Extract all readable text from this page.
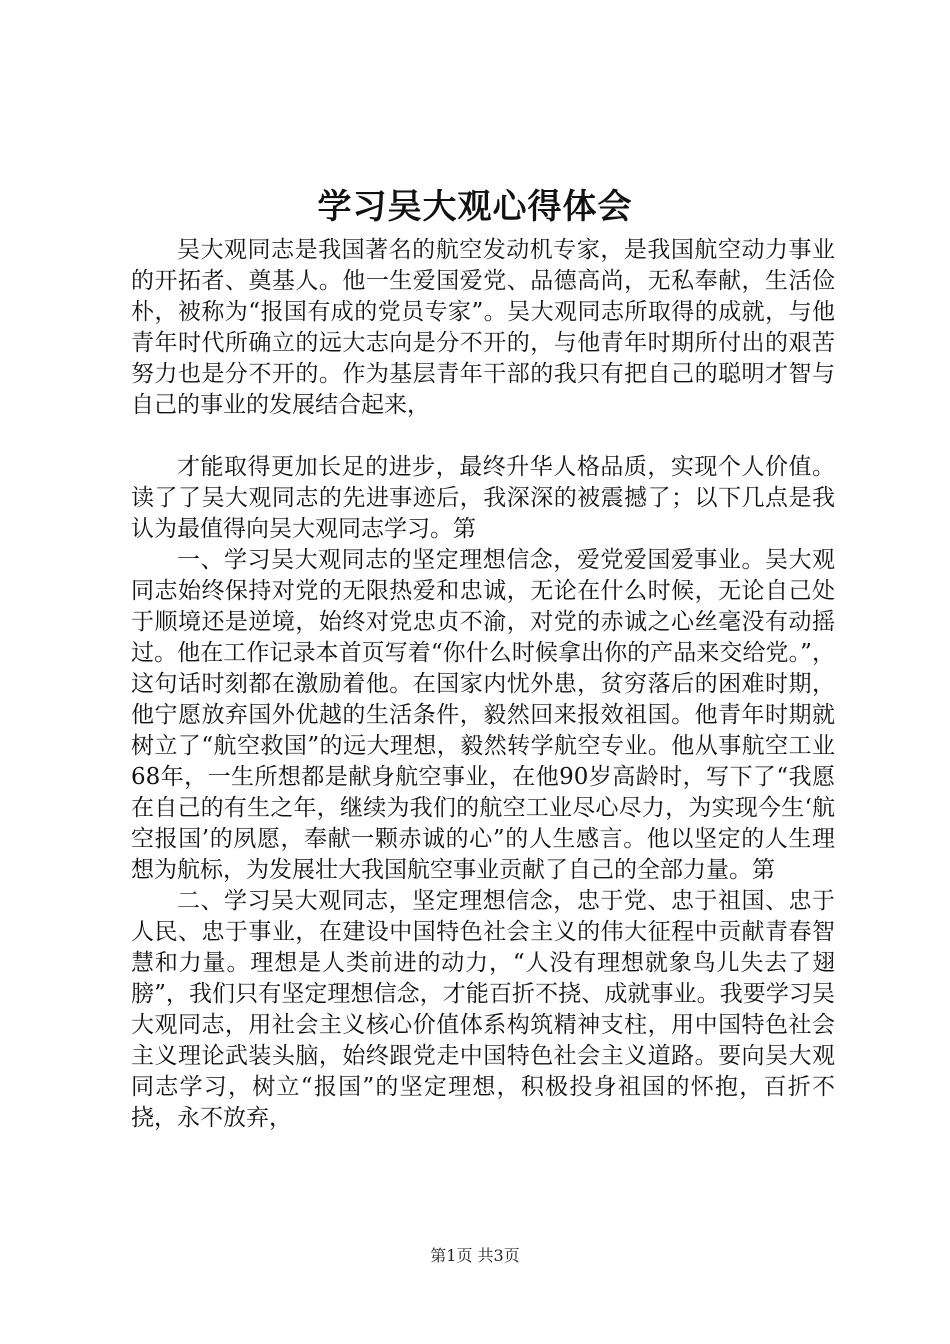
学习吴大观心得体会

吴大观同志是我国著名的航空发动机专家，是我国航空动力事业的开拓者、奠基人。他一生爱国爱党、品德高尚，无私奉献，生活俭朴，被称为“报国有成的党员专家”。吴大观同志所取得的成就，与他青年时代所确立的远大志向是分不开的，与他青年时期所付出的艰苦努力也是分不开的。作为基层青年干部的我只有把自己的聪明才智与自己的事业的发展结合起来，

才能取得更加长足的进步，最终升华人格品质，实现个人价值。读了了吴大观同志的先进事迹后，我深深的被震撼了；以下几点是我认为最值得向吴大观同志学习。第

一、学习吴大观同志的坚定理想信念，爱党爱国爱事业。吴大观同志始终保持对党的无限热爱和忠诚，无论在什么时候，无论自己处于顺境还是逆境，始终对党忠贞不渝，对党的赤诚之心丝毫没有动摇过。他在工作记录本首页写着“你什么时候拿出你的产品来交给党。”，这句话时刻都在激励着他。在国家内忧外患，贫穷落后的困难时期，他宁愿放弃国外优越的生活条件，毅然回来报效祖国。他青年时期就树立了“航空救国”的远大理想，毅然转学航空专业。他从事航空工业68年，一生所想都是献身航空事业，在他90岁高龄时，写下了“我愿在自己的有生之年，继续为我们的航空工业尽心尽力，为实现今生‘航空报国’的夙愿，奉献一颗赤诚的心”的人生感言。他以坚定的人生理想为航标，为发展壮大我国航空事业贡献了自己的全部力量。第

二、学习吴大观同志，坚定理想信念，忠于党、忠于祖国、忠于人民、忠于事业，在建设中国特色社会主义的伟大征程中贡献青春智慧和力量。理想是人类前进的动力，“人没有理想就象鸟儿失去了翅膀”，我们只有坚定理想信念，才能百折不挠、成就事业。我要学习吴大观同志，用社会主义核心价值体系构筑精神支柱，用中国特色社会主义理论武装头脑，始终跟党走中国特色社会主义道路。要向吴大观同志学习，树立“报国”的坚定理想，积极投身祖国的怀抱，百折不挠，永不放弃，

第1页 共3页
